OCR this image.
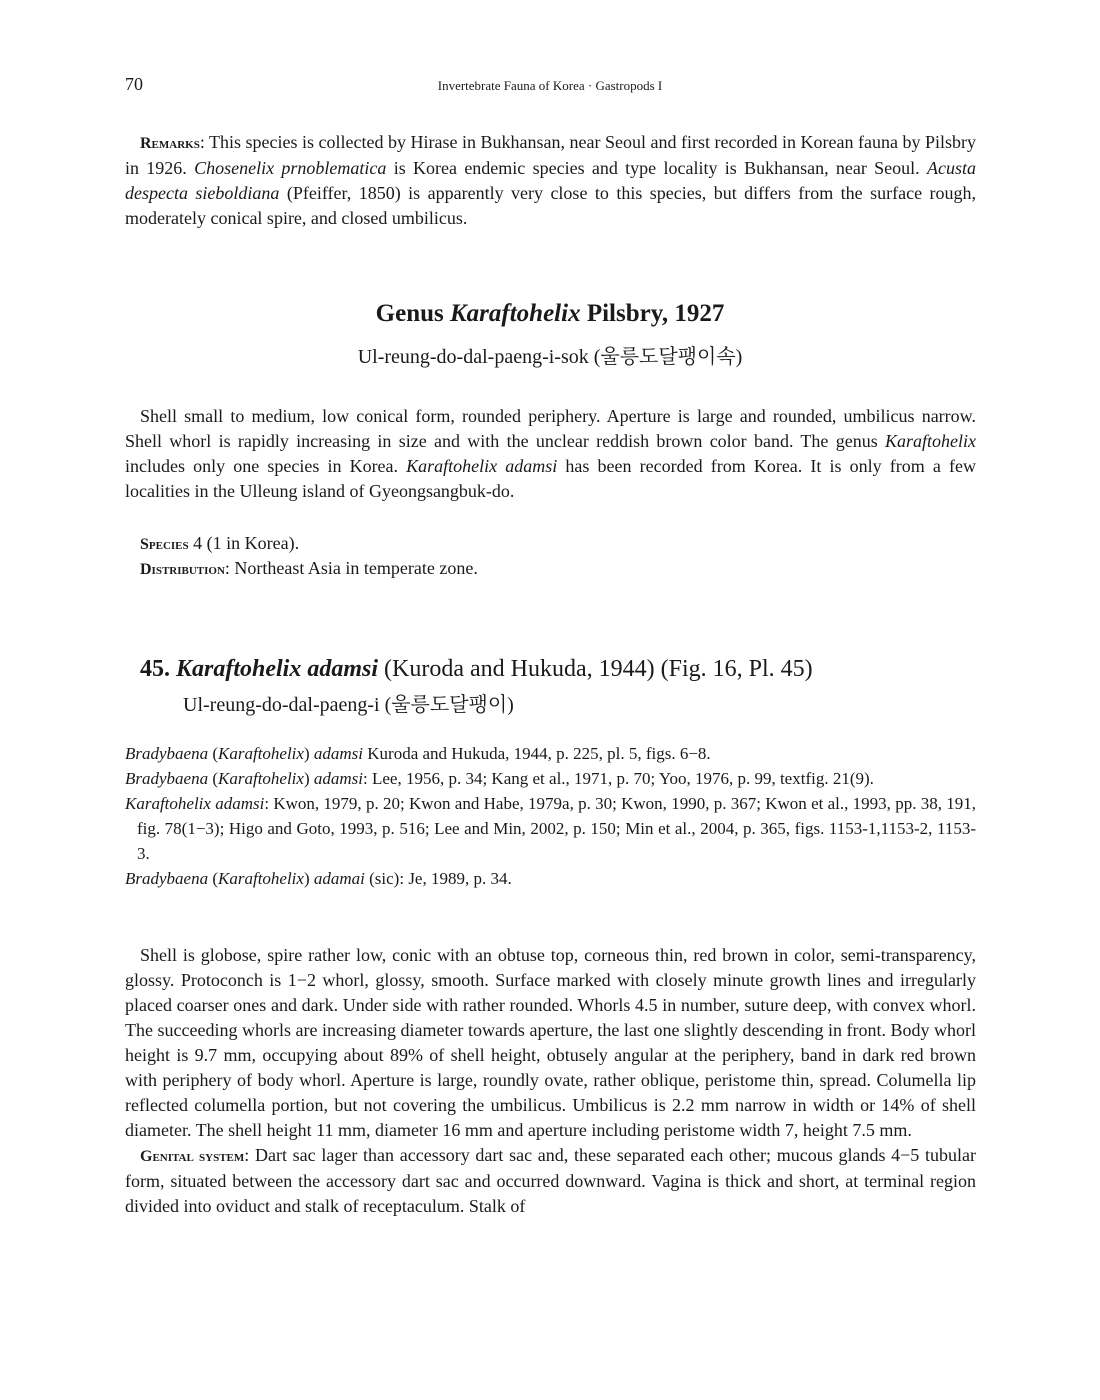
70	Invertebrate Fauna of Korea · Gastropods I
Remarks: This species is collected by Hirase in Bukhansan, near Seoul and first recorded in Korean fauna by Pilsbry in 1926. Chosenelix prnoblematica is Korea endemic species and type locality is Bukhansan, near Seoul. Acusta despecta sieboldiana (Pfeiffer, 1850) is apparently very close to this species, but differs from the surface rough, moderately conical spire, and closed umbilicus.
Genus Karaftohelix Pilsbry, 1927
Ul-reung-do-dal-paeng-i-sok (울릉도달팽이속)
Shell small to medium, low conical form, rounded periphery. Aperture is large and rounded, umbilicus narrow. Shell whorl is rapidly increasing in size and with the unclear reddish brown color band. The genus Karaftohelix includes only one species in Korea. Karaftohelix adamsi has been recorded from Korea. It is only from a few localities in the Ulleung island of Gyeongsangbuk-do.
Species 4 (1 in Korea).
Distribution: Northeast Asia in temperate zone.
45. Karaftohelix adamsi (Kuroda and Hukuda, 1944) (Fig. 16, Pl. 45)
Ul-reung-do-dal-paeng-i (울릉도달팽이)

Bradybaena (Karaftohelix) adamsi Kuroda and Hukuda, 1944, p. 225, pl. 5, figs. 6−8.

Bradybaena (Karaftohelix) adamsi: Lee, 1956, p. 34; Kang et al., 1971, p. 70; Yoo, 1976, p. 99, textfig. 21(9).

Karaftohelix adamsi: Kwon, 1979, p. 20; Kwon and Habe, 1979a, p. 30; Kwon, 1990, p. 367; Kwon et al., 1993, pp. 38, 191, fig. 78(1−3); Higo and Goto, 1993, p. 516; Lee and Min, 2002, p. 150; Min et al., 2004, p. 365, figs. 1153-1,1153-2, 1153-3.

Bradybaena (Karaftohelix) adamai (sic): Je, 1989, p. 34.

Shell is globose, spire rather low, conic with an obtuse top, corneous thin, red brown in color, semi-transparency, glossy. Protoconch is 1−2 whorl, glossy, smooth. Surface marked with closely minute growth lines and irregularly placed coarser ones and dark. Under side with rather rounded. Whorls 4.5 in number, suture deep, with convex whorl. The succeeding whorls are increasing diameter towards aperture, the last one slightly descending in front. Body whorl height is 9.7 mm, occupying about 89% of shell height, obtusely angular at the periphery, band in dark red brown with periphery of body whorl. Aperture is large, roundly ovate, rather oblique, peristome thin, spread. Columella lip reflected columella portion, but not covering the umbilicus. Umbilicus is 2.2 mm narrow in width or 14% of shell diameter. The shell height 11 mm, diameter 16 mm and aperture including peristome width 7, height 7.5 mm.

Genital system: Dart sac lager than accessory dart sac and, these separated each other; mucous glands 4−5 tubular form, situated between the accessory dart sac and occurred downward. Vagina is thick and short, at terminal region divided into oviduct and stalk of receptaculum. Stalk of
